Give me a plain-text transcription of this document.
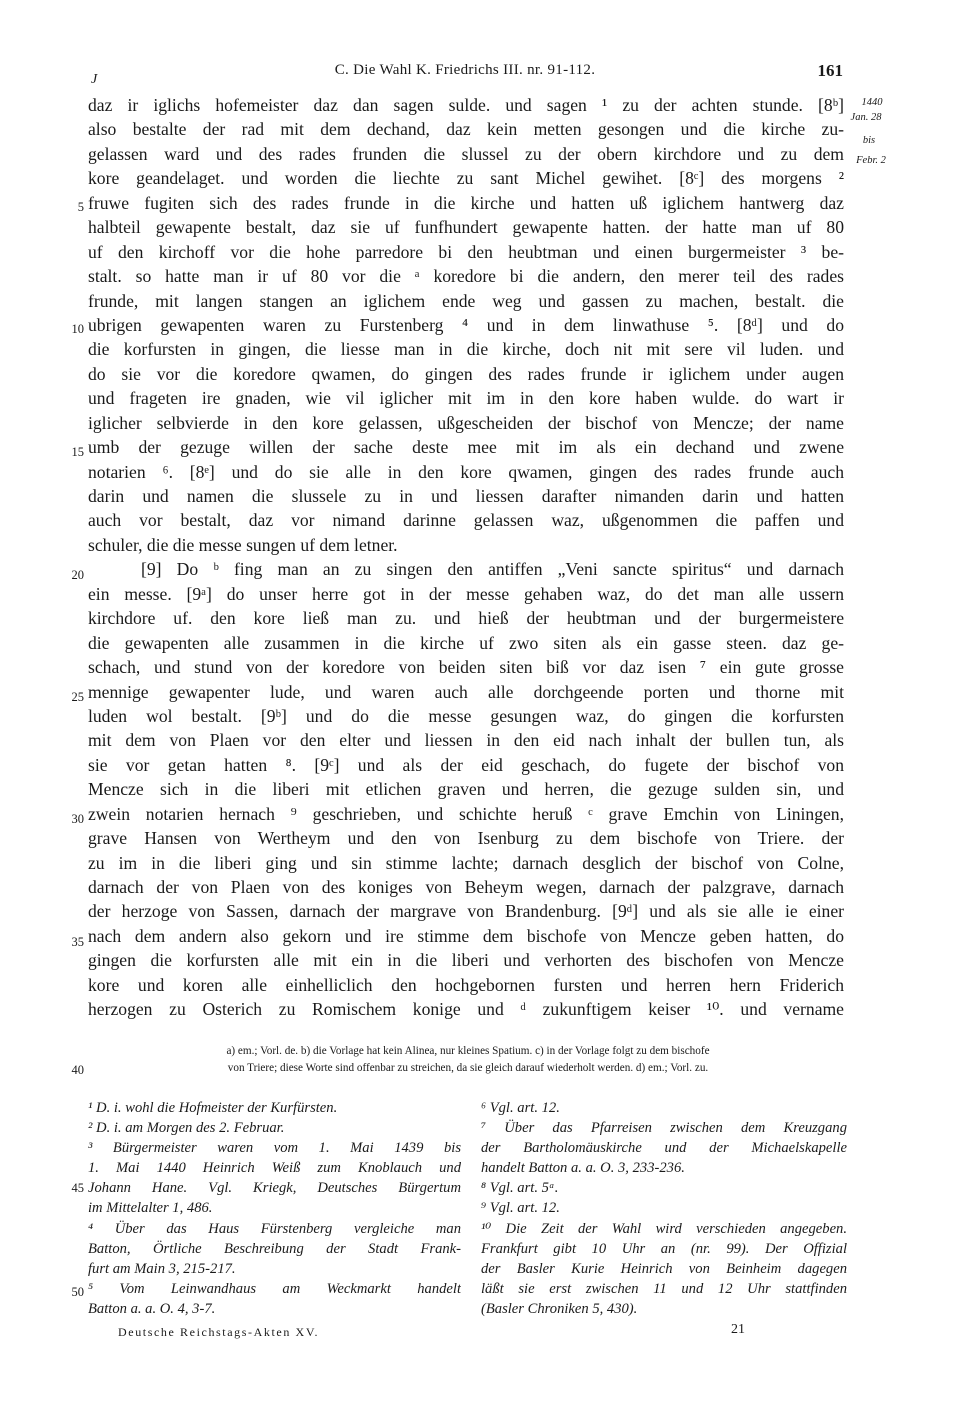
C. Die Wahl K. Friedrichs III. nr. 91-112.	161
J
1440
Jan. 28
bis
Febr. 2
5
10
15
20
25
30
35
40
45
50
daz ir iglichs hofemeister daz dan sagen sulde. und sagen ¹ zu der achten stunde. [8ᵇ]
also bestalte der rad mit dem dechand, daz kein metten gesongen und die kirche zu-
gelassen ward und des rades frunden die slussel zu der obern kirchdore und zu dem
kore geandelaget. und worden die liechte zu sant Michel gewihet. [8ᶜ] des morgens ²
fruwe fugiten sich des rades frunde in die kirche und hatten uß iglichem hantwerg daz
halbteil gewapente bestalt, daz sie uf funfhundert gewapente hatten. der hatte man uf 80
uf den kirchoff vor die hohe parredore bi den heubtman und einen burgermeister ³ be-
stalt. so hatte man ir uf 80 vor die ᵃ koredore bi die andern, den merer teil des rades
frunde, mit langen stangen an iglichem ende weg und gassen zu machen, bestalt. die
ubrigen gewapenten waren zu Furstenberg ⁴ und in dem linwathuse ⁵. [8ᵈ] und do
die korfursten in gingen, die liesse man in die kirche, doch nit mit sere vil luden. und
do sie vor die koredore qwamen, do gingen des rades frunde ir iglichem under augen
und frageten ire gnaden, wie vil iglicher mit im in den kore haben wulde. do wart ir
iglicher selbvierde in den kore gelassen, ußgescheiden der bischof von Mencze; der name
umb der gezuge willen der sache deste mee mit im als ein dechand und zwene
notarien ⁶. [8ᵉ] und do sie alle in den kore qwamen, gingen des rades frunde auch
darin und namen die slussele zu in und liessen darafter nimanden darin und hatten
auch vor bestalt, daz vor nimand darinne gelassen waz, ußgenommen die paffen und
schuler, die die messe sungen uf dem letner.
[9] Do ᵇ fing man an zu singen den antiffen „Veni sancte spiritus“ und darnach
ein messe. [9ᵃ] do unser herre got in der messe gehaben waz, do det man alle ussern
kirchdore uf. den kore ließ man zu. und hieß der heubtman und der burgermeistere
die gewapenten alle zusammen in die kirche uf zwo siten als ein gasse steen. daz ge-
schach, und stund von der koredore von beiden siten biß vor daz isen ⁷ ein gute grosse
mennige gewapenter lude, und waren auch alle dorchgeende porten und thorne mit
luden wol bestalt. [9ᵇ] und do die messe gesungen waz, do gingen die korfursten
mit dem von Plaen vor den elter und liessen in den eid nach inhalt der bullen tun, als
sie vor getan hatten ⁸. [9ᶜ] und als der eid geschach, do fugete der bischof von
Mencze sich in die liberi mit etlichen graven und herren, die gezuge sulden sin, und
zwein notarien hernach ⁹ geschrieben, und schichte heruß ᶜ grave Emchin von Liningen,
grave Hansen von Wertheym und den von Isenburg zu dem bischofe von Triere. der
zu im in die liberi ging und sin stimme lachte; darnach desglich der bischof von Colne,
darnach der von Plaen von des koniges von Beheym wegen, darnach der palzgrave, darnach
der herzoge von Sassen, darnach der margrave von Brandenburg. [9ᵈ] und als sie alle ie einer
nach dem andern also gekorn und ire stimme dem bischofe von Mencze geben hatten, do
gingen die korfursten alle mit ein in die liberi und verhorten des bischofen von Mencze
kore und koren alle einhelliclich den hochgebornen fursten und herren hern Friderich
herzogen zu Osterich zu Romischem konige und ᵈ zukunftigem keiser ¹⁰. und vername
a) em.; Vorl. de. b) die Vorlage hat kein Alinea, nur kleines Spatium. c) in der Vorlage folgt zu dem bischofe
von Triere; diese Worte sind offenbar zu streichen, da sie gleich darauf wiederholt werden. d) em.; Vorl. zu.
¹ D. i. wohl die Hofmeister der Kurfürsten.
² D. i. am Morgen des 2. Februar.
³ Bürgermeister waren vom 1. Mai 1439 bis
1. Mai 1440 Heinrich Weiß zum Knoblauch und
Johann Hane. Vgl. Kriegk, Deutsches Bürgertum
im Mittelalter 1, 486.
⁴ Über das Haus Fürstenberg vergleiche man
Batton, Örtliche Beschreibung der Stadt Frank-
furt am Main 3, 215-217.
⁵ Vom Leinwandhaus am Weckmarkt handelt
Batton a. a. O. 4, 3-7.
⁶ Vgl. art. 12.
⁷ Über das Pfarreisen zwischen dem Kreuzgang
der Bartholomäuskirche und der Michaelskapelle
handelt Batton a. a. O. 3, 233-236.
⁸ Vgl. art. 5ᵃ.
⁹ Vgl. art. 12.
¹⁰ Die Zeit der Wahl wird verschieden angegeben.
Frankfurt gibt 10 Uhr an (nr. 99). Der Offizial
der Basler Kurie Heinrich von Beinheim dagegen
läßt sie erst zwischen 11 und 12 Uhr stattfinden
(Basler Chroniken 5, 430).
Deutsche Reichstags-Akten XV.	21
